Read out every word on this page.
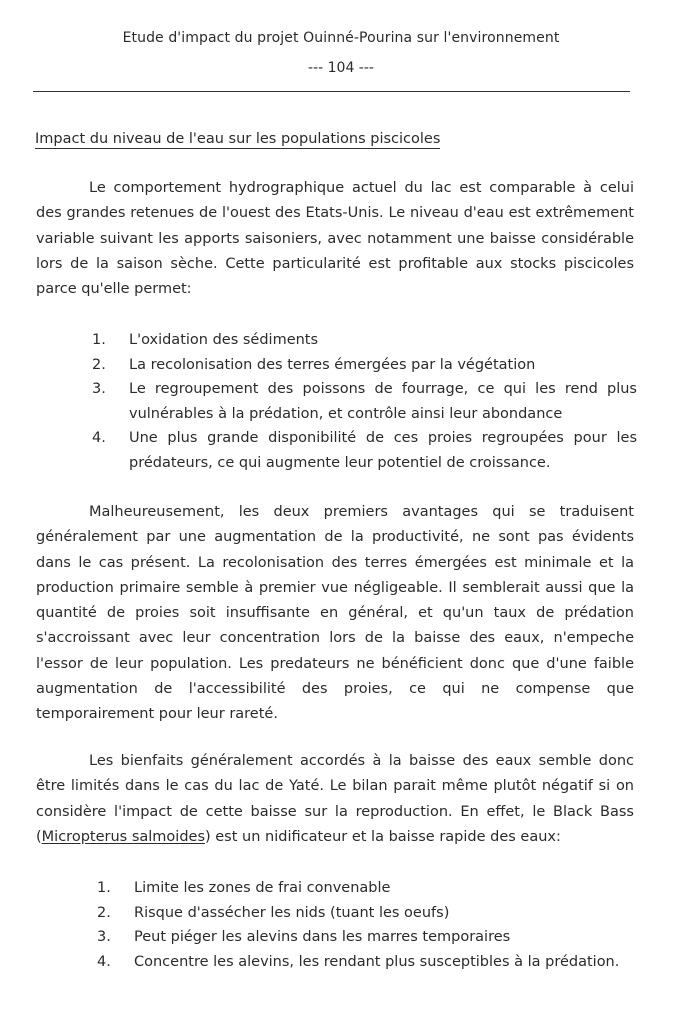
Etude d'impact du projet Ouinné-Pourina sur l'environnement
--- 104 ---
Impact du niveau de l'eau sur les populations piscicoles
Le comportement hydrographique actuel du lac est comparable à celui des grandes retenues de l'ouest des Etats-Unis. Le niveau d'eau est extrêmement variable suivant les apports saisoniers, avec notamment une baisse considérable lors de la saison sèche. Cette particularité est profitable aux stocks piscicoles parce qu'elle permet:
1. L'oxidation des sédiments
2. La recolonisation des terres émergées par la végétation
3. Le regroupement des poissons de fourrage, ce qui les rend plus vulnérables à la prédation, et contrôle ainsi leur abondance
4. Une plus grande disponibilité de ces proies regroupées pour les prédateurs, ce qui augmente leur potentiel de croissance.
Malheureusement, les deux premiers avantages qui se traduisent généralement par une augmentation de la productivité, ne sont pas évidents dans le cas présent. La recolonisation des terres émergées est minimale et la production primaire semble à premier vue négligeable. Il semblerait aussi que la quantité de proies soit insuffisante en général, et qu'un taux de prédation s'accroissant avec leur concentration lors de la baisse des eaux, n'empeche l'essor de leur population. Les predateurs ne bénéficient donc que d'une faible augmentation de l'accessibilité des proies, ce qui ne compense que temporairement pour leur rareté.
Les bienfaits généralement accordés à la baisse des eaux semble donc être limités dans le cas du lac de Yaté. Le bilan parait même plutôt négatif si on considère l'impact de cette baisse sur la reproduction. En effet, le Black Bass (Micropterus salmoides) est un nidificateur et la baisse rapide des eaux:
1. Limite les zones de frai convenable
2. Risque d'assécher les nids (tuant les oeufs)
3. Peut piéger les alevins dans les marres temporaires
4. Concentre les alevins, les rendant plus susceptibles à la prédation.
